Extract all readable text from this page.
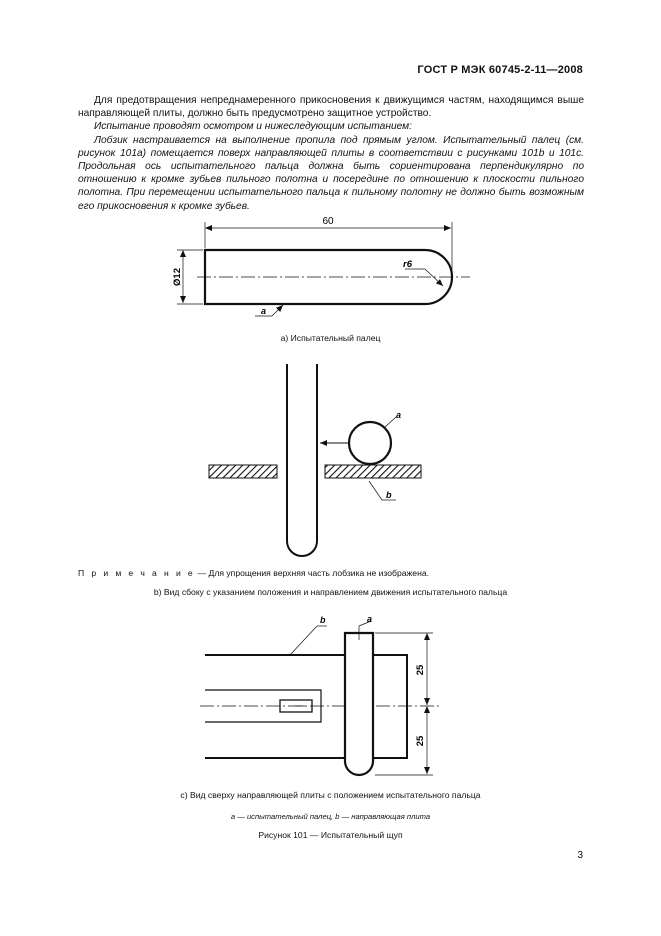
ГОСТ Р МЭК 60745-2-11—2008

Для предотвращения непреднамеренного прикосновения к движущимся частям, находящимся выше направляющей плиты, должно быть предусмотрено защитное устройство.

Испытание проводят осмотром и нижеследующим испытанием:

Лобзик настраивается на выполнение пропила под прямым углом. Испытательный палец (см. рисунок 101а) помещается поверх направляющей плиты в соответствии с рисунками 101b и 101c. Продольная ось испытательного пальца должна быть сориентирована перпендикулярно по отношению к кромке зубьев пильного полотна и посередине по отношению к плоскости пильного полотна. При перемещении испытательного пальца к пильному полотну не должно быть возможным его прикосновения к кромке зубьев.

60
Ø12
r6
a
a
b
a
b
25
25
a) Испытательный палец
П р и м е ч а н и е — Для упрощения верхняя часть лобзика не изображена.
b) Вид сбоку с указанием положения и направлением движения испытательного пальца
c) Вид сверху направляющей плиты с положением испытательного пальца
a — испытательный палец, b — направляющая плита
Рисунок 101 — Испытательный щуп
3
